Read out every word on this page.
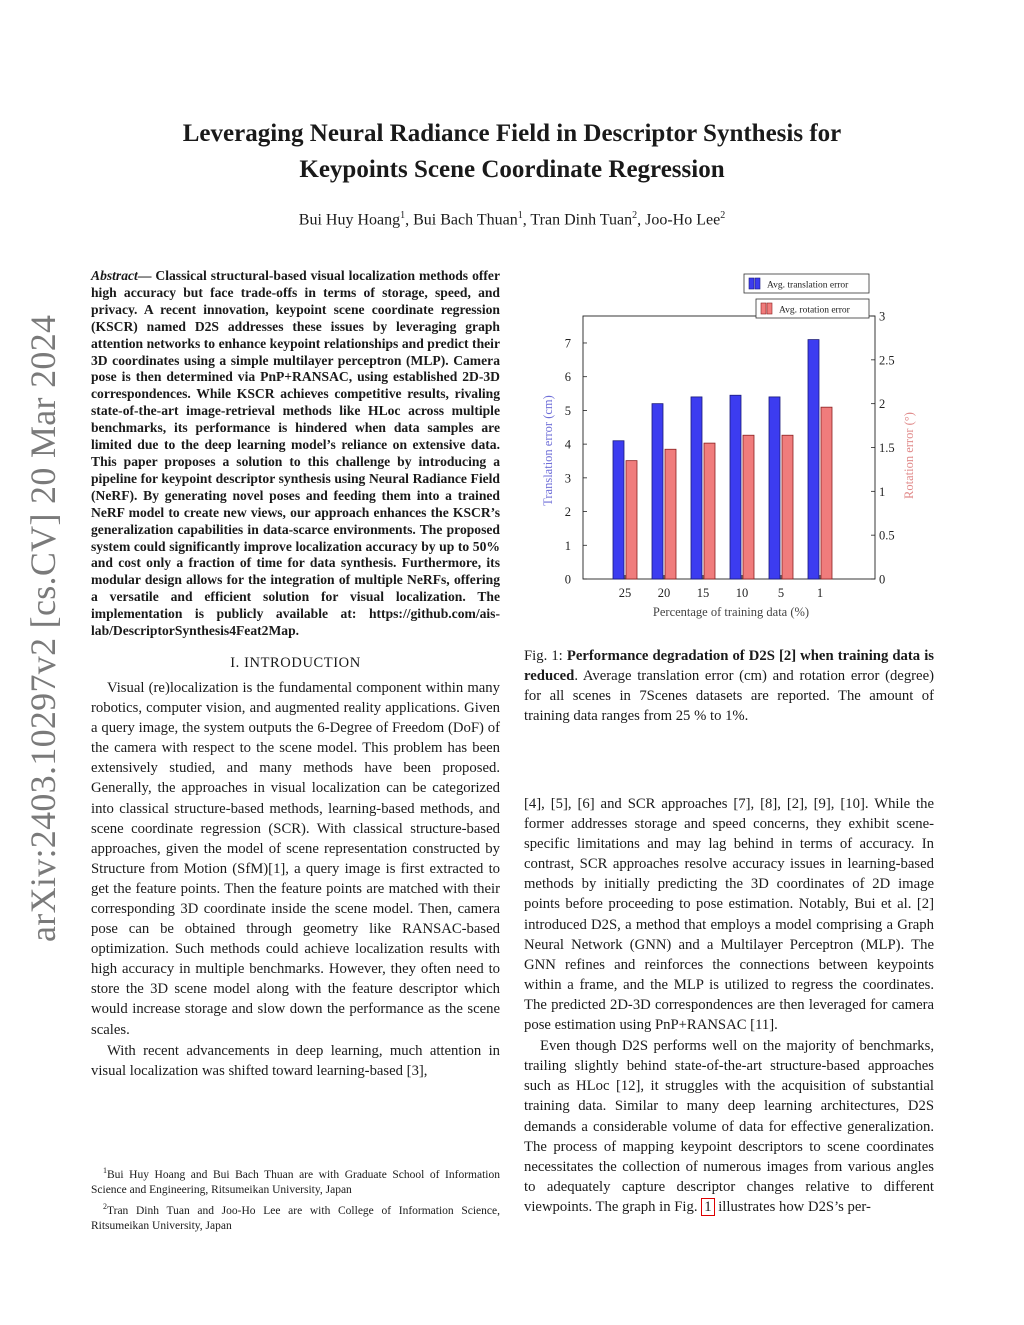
arXiv:2403.10297v2 [cs.CV] 20 Mar 2024
Leveraging Neural Radiance Field in Descriptor Synthesis for
Keypoints Scene Coordinate Regression
Bui Huy Hoang$^1$, Bui Bach Thuan$^1$, Tran Dinh Tuan$^2$, Joo-Ho Lee$^2$

Abstract— Classical structural-based visual localization methods offer high accuracy but face trade-offs in terms of storage, speed, and privacy. A recent innovation, keypoint scene coordinate regression (KSCR) named D2S addresses these issues by leveraging graph attention networks to enhance keypoint relationships and predict their 3D coordinates using a simple multilayer perceptron (MLP). Camera pose is then determined via PnP+RANSAC, using established 2D-3D correspondences. While KSCR achieves competitive results, rivaling state-of-the-art image-retrieval methods like HLoc across multiple benchmarks, its performance is hindered when data samples are limited due to the deep learning model’s reliance on extensive data. This paper proposes a solution to this challenge by introducing a pipeline for keypoint descriptor synthesis using Neural Radiance Field (NeRF). By generating novel poses and feeding them into a trained NeRF model to create new views, our approach enhances the KSCR’s generalization capabilities in data-scarce environments. The proposed system could significantly improve localization accuracy by up to 50% and cost only a fraction of time for data synthesis. Furthermore, its modular design allows for the integration of multiple NeRFs, offering a versatile and efficient solution for visual localization. The implementation is publicly available at: https://github.com/ais-lab/DescriptorSynthesis4Feat2Map.

I. INTRODUCTION

Visual (re)localization is the fundamental component within many robotics, computer vision, and augmented reality applications. Given a query image, the system outputs the 6-Degree of Freedom (DoF) of the camera with respect to the scene model. This problem has been extensively studied, and many methods have been proposed. Generally, the approaches in visual localization can be categorized into classical structure-based methods, learning-based methods, and scene coordinate regression (SCR). With classical structure-based approaches, given the model of scene representation constructed by Structure from Motion (SfM)[1], a query image is first extracted to get the feature points. Then the feature points are matched with their corresponding 3D coordinate inside the scene model. Then, camera pose can be obtained through geometry like RANSAC-based optimization. Such methods could achieve localization results with high accuracy in multiple benchmarks. However, they often need to store the 3D scene model along with the feature descriptor which would increase storage and slow down the performance as the scene scales.

With recent advancements in deep learning, much attention in visual localization was shifted toward learning-based [3],

$^1$Bui Huy Hoang and Bui Bach Thuan are with Graduate School of Information Science and Engineering, Ritsumeikan University, Japan

$^2$Tran Dinh Tuan and Joo-Ho Lee are with College of Information Science, Ritsumeikan University, Japan

0
1
2
3
4
5
6
7
0
0.5
1
1.5
2
2.5
3
25 20 15 10 5	1
Percentage of training data (%)
Translation error (cm)	Rotation error (°)
Avg. translation error
Avg. rotation error

Fig. 1: Performance degradation of D2S [2] when training data is reduced. Average translation error (cm) and rotation error (degree) for all scenes in 7Scenes datasets are reported. The amount of training data ranges from 25 % to 1%.

[4], [5], [6] and SCR approaches [7], [8], [2], [9], [10]. While the former addresses storage and speed concerns, they exhibit scene-specific limitations and may lag behind in terms of accuracy. In contrast, SCR approaches resolve accuracy issues in learning-based methods by initially predicting the 3D coordinates of 2D image points before proceeding to pose estimation. Notably, Bui et al. [2] introduced D2S, a method that employs a model comprising a Graph Neural Network (GNN) and a Multilayer Perceptron (MLP). The GNN refines and reinforces the connections between keypoints within a frame, and the MLP is utilized to regress the coordinates. The predicted 2D-3D correspondences are then leveraged for camera pose estimation using PnP+RANSAC [11].

Even though D2S performs well on the majority of benchmarks, trailing slightly behind state-of-the-art structure-based approaches such as HLoc [12], it struggles with the acquisition of substantial training data. Similar to many deep learning architectures, D2S demands a considerable volume of data for effective generalization. The process of mapping keypoint descriptors to scene coordinates necessitates the collection of numerous images from various angles to adequately capture descriptor changes relative to different viewpoints. The graph in Fig. 1 illustrates how D2S’s per-
